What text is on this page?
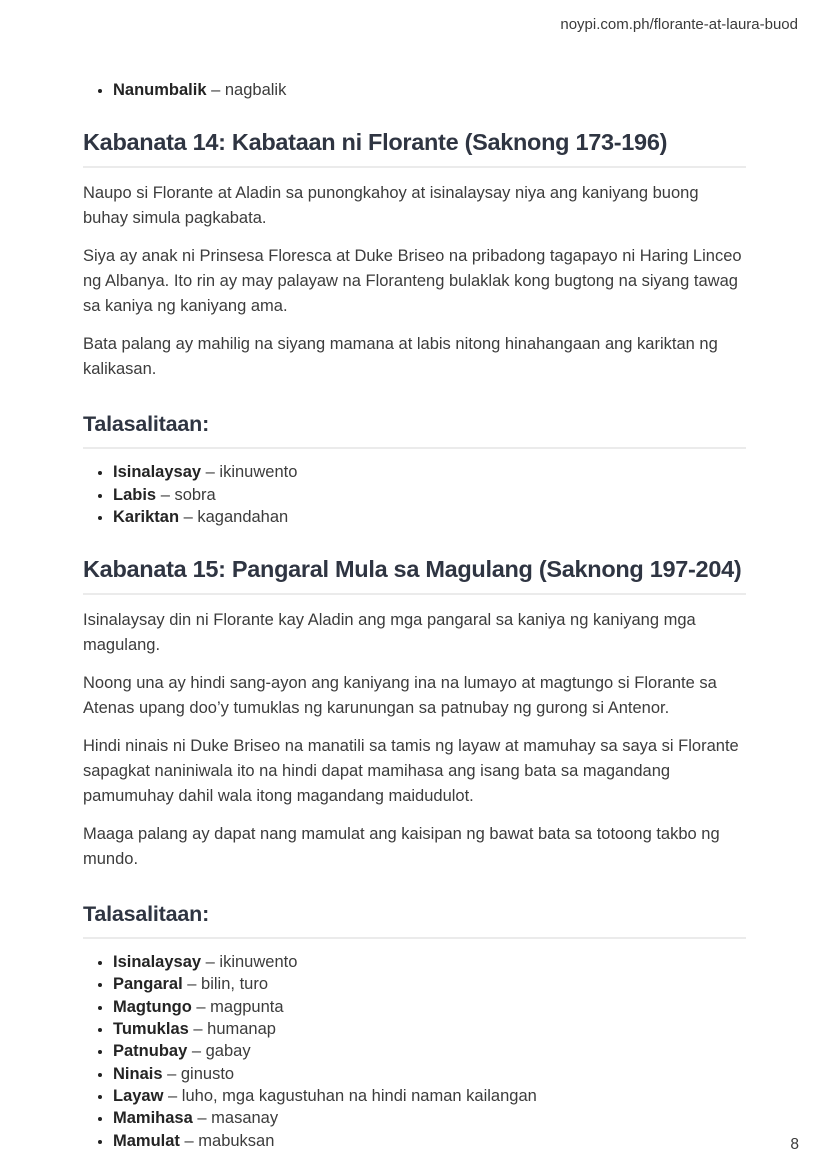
noypi.com.ph/florante-at-laura-buod
• Nanumbalik – nagbalik
Kabanata 14: Kabataan ni Florante (Saknong 173-196)

Naupo si Florante at Aladin sa punongkahoy at isinalaysay niya ang kaniyang buong buhay simula pagkabata.

Siya ay anak ni Prinsesa Floresca at Duke Briseo na pribadong tagapayo ni Haring Linceo ng Albanya. Ito rin ay may palayaw na Floranteng bulaklak kong bugtong na siyang tawag sa kaniya ng kaniyang ama.

Bata palang ay mahilig na siyang mamana at labis nitong hinahangaan ang kariktan ng kalikasan.

Talasalitaan:
• Isinalaysay – ikinuwento
• Labis – sobra
• Kariktan – kagandahan
Kabanata 15: Pangaral Mula sa Magulang (Saknong 197-204)

Isinalaysay din ni Florante kay Aladin ang mga pangaral sa kaniya ng kaniyang mga magulang.

Noong una ay hindi sang-ayon ang kaniyang ina na lumayo at magtungo si Florante sa Atenas upang doo’y tumuklas ng karunungan sa patnubay ng gurong si Antenor.

Hindi ninais ni Duke Briseo na manatili sa tamis ng layaw at mamuhay sa saya si Florante sapagkat naniniwala ito na hindi dapat mamihasa ang isang bata sa magandang pamumuhay dahil wala itong magandang maidudulot.

Maaga palang ay dapat nang mamulat ang kaisipan ng bawat bata sa totoong takbo ng mundo.

Talasalitaan:
• Isinalaysay – ikinuwento
• Pangaral – bilin, turo
• Magtungo – magpunta
• Tumuklas – humanap
• Patnubay – gabay
• Ninais – ginusto
• Layaw – luho, mga kagustuhan na hindi naman kailangan
• Mamihasa – masanay
• Mamulat – mabuksan	8
